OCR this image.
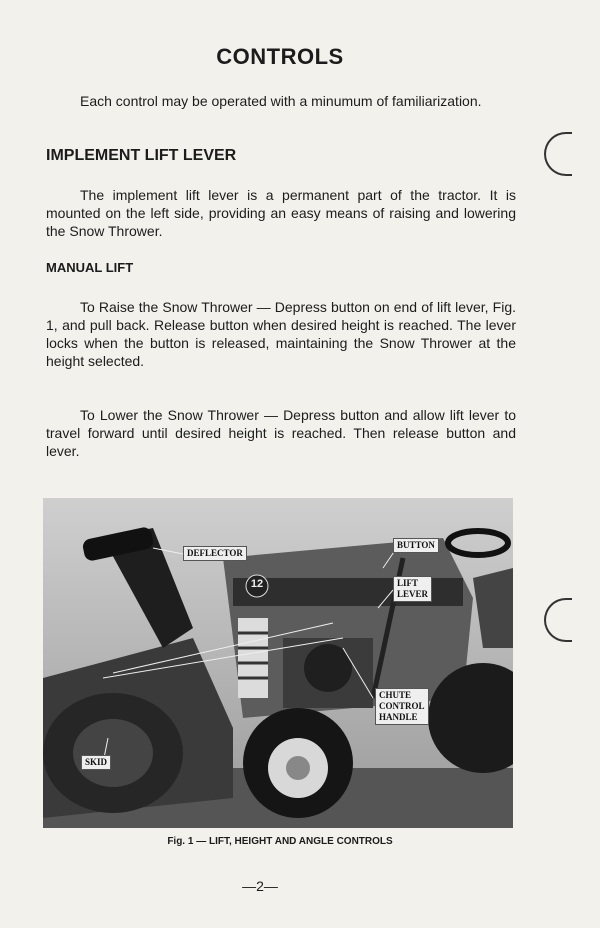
CONTROLS

Each control may be operated with a minumum of familiarization.

IMPLEMENT LIFT LEVER

The implement lift lever is a permanent part of the tractor. It is mounted on the left side, providing an easy means of raising and lowering the Snow Thrower.

MANUAL LIFT

To Raise the Snow Thrower — Depress button on end of lift lever, Fig. 1, and pull back. Release button when desired height is reached. The lever locks when the button is released, maintaining the Snow Thrower at the height selected.

To Lower the Snow Thrower — Depress button and allow lift lever to travel forward until desired height is reached. Then release button and lever.

DEFLECTOR
12
BUTTON
LIFT
LEVER
CHUTE
CONTROL
HANDLE
SKID
Fig. 1 — LIFT, HEIGHT AND ANGLE CONTROLS
—2—
